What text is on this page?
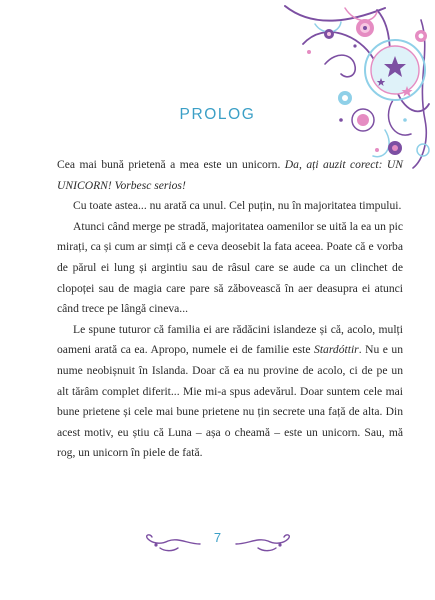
PROLOG

Cea mai bună prietenă a mea este un unicorn. Da, ați auzit corect: UN UNICORN! Vorbesc serios!

Cu toate astea... nu arată ca unul. Cel puțin, nu în majoritatea timpului.

Atunci când merge pe stradă, majoritatea oamenilor se uită la ea un pic mirați, ca și cum ar simți că e ceva deosebit la fata aceea. Poate că e vorba de părul ei lung și argintiu sau de râsul care se aude ca un clinchet de clopoței sau de magia care pare să zăbovească în aer deasupra ei atunci când trece pe lângă cineva...

Le spune tuturor că familia ei are rădăcini islandeze și că, acolo, mulți oameni arată ca ea. Apropo, numele ei de familie este Stardóttir. Nu e un nume neobișnuit în Islanda. Doar că ea nu provine de acolo, ci de pe un alt tărâm complet diferit... Mie mi-a spus adevărul. Doar suntem cele mai bune prietene și cele mai bune prietene nu țin secrete una față de alta. Din acest motiv, eu știu că Luna – așa o cheamă – este un unicorn. Sau, mă rog, un unicorn în piele de fată.

7
